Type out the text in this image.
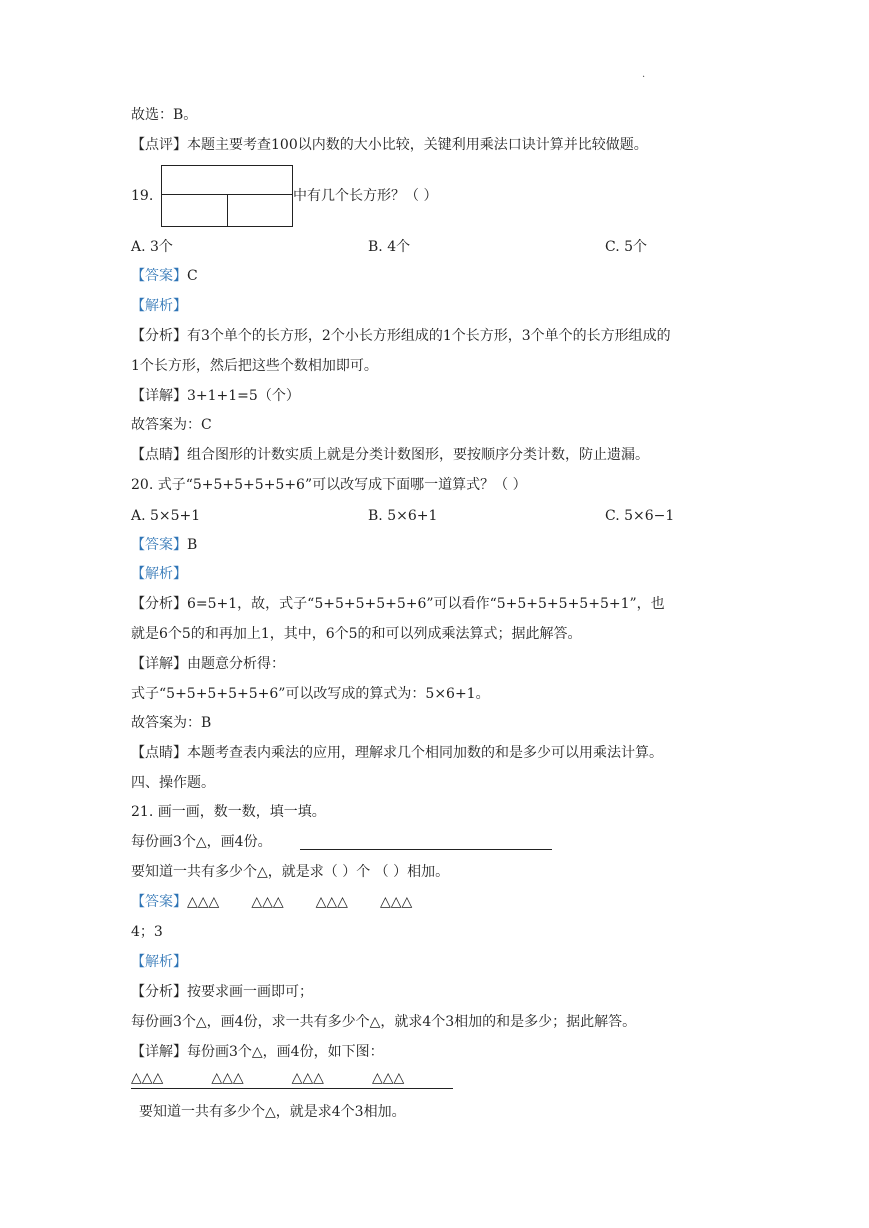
·
故选：B。
【点评】本题主要考查100以内数的大小比较，关键利用乘法口诀计算并比较做题。
19.	中有几个长方形？（ ）
A. 3个	B. 4个	C. 5个
【答案】C
【解析】
【分析】有3个单个的长方形，2个小长方形组成的1个长方形，3个单个的长方形组成的
1个长方形，然后把这些个数相加即可。
【详解】3+1+1=5（个）
故答案为：C
【点睛】组合图形的计数实质上就是分类计数图形，要按顺序分类计数，防止遗漏。
20. 式子“5+5+5+5+5+6”可以改写成下面哪一道算式？（ ）
A. 5×5+1	B. 5×6+1	C. 5×6−1
【答案】B
【解析】
【分析】6=5+1，故，式子“5+5+5+5+5+6”可以看作“5+5+5+5+5+5+1”，也
就是6个5的和再加上1，其中，6个5的和可以列成乘法算式；据此解答。
【详解】由题意分析得：
式子“5+5+5+5+5+6”可以改写成的算式为：5×6+1。
故答案为：B
【点睛】本题考查表内乘法的应用，理解求几个相同加数的和是多少可以用乘法计算。
四、操作题。
21. 画一画，数一数，填一填。
每份画3个△，画4份。
要知道一共有多少个△，就是求（ ）个 （ ）相加。
【答案】△△△ △△△ △△△ △△△
4；3
【解析】
【分析】按要求画一画即可；
每份画3个△，画4份，求一共有多少个△，就求4个3相加的和是多少；据此解答。
【详解】每份画3个△，画4份，如下图：
△△△	△△△	△△△	△△△
要知道一共有多少个△，就是求4个3相加。
